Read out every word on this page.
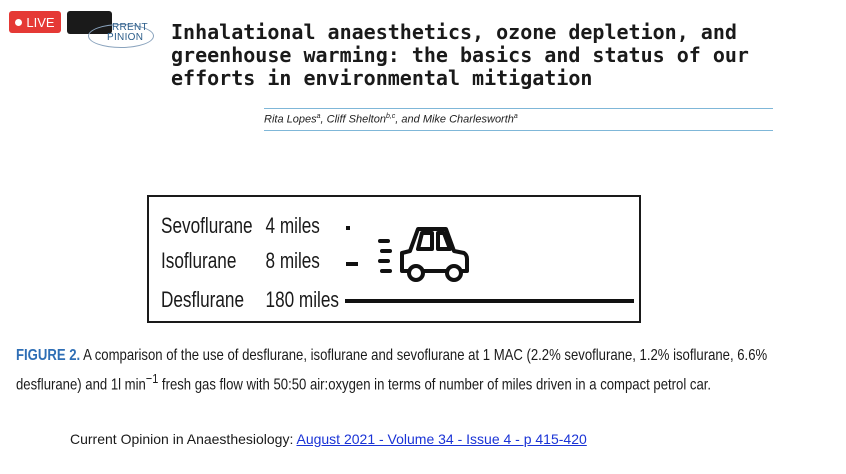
LIVE	RRENT
PINION Inhalational anaesthetics, ozone depletion, and
greenhouse warming: the basics and status of our
efforts in environmental mitigation
Rita Lopes$^a$, Cliff Shelton$^{b,c}$, and Mike Charlesworth$^a$
Sevoflurane 4 miles
Isoflurane 8 miles
Desflurane 180 miles
FIGURE 2. A comparison of the use of desflurane, isoflurane and sevoflurane at 1 MAC (2.2% sevoflurane, 1.2% isoflurane, 6.6% desflurane) and 1l $\min^{-1}$ fresh gas flow with 50:50 air:oxygen in terms of number of miles driven in a compact petrol car.
Current Opinion in Anaesthesiology: August 2021 - Volume 34 - Issue 4 - p 415-420
